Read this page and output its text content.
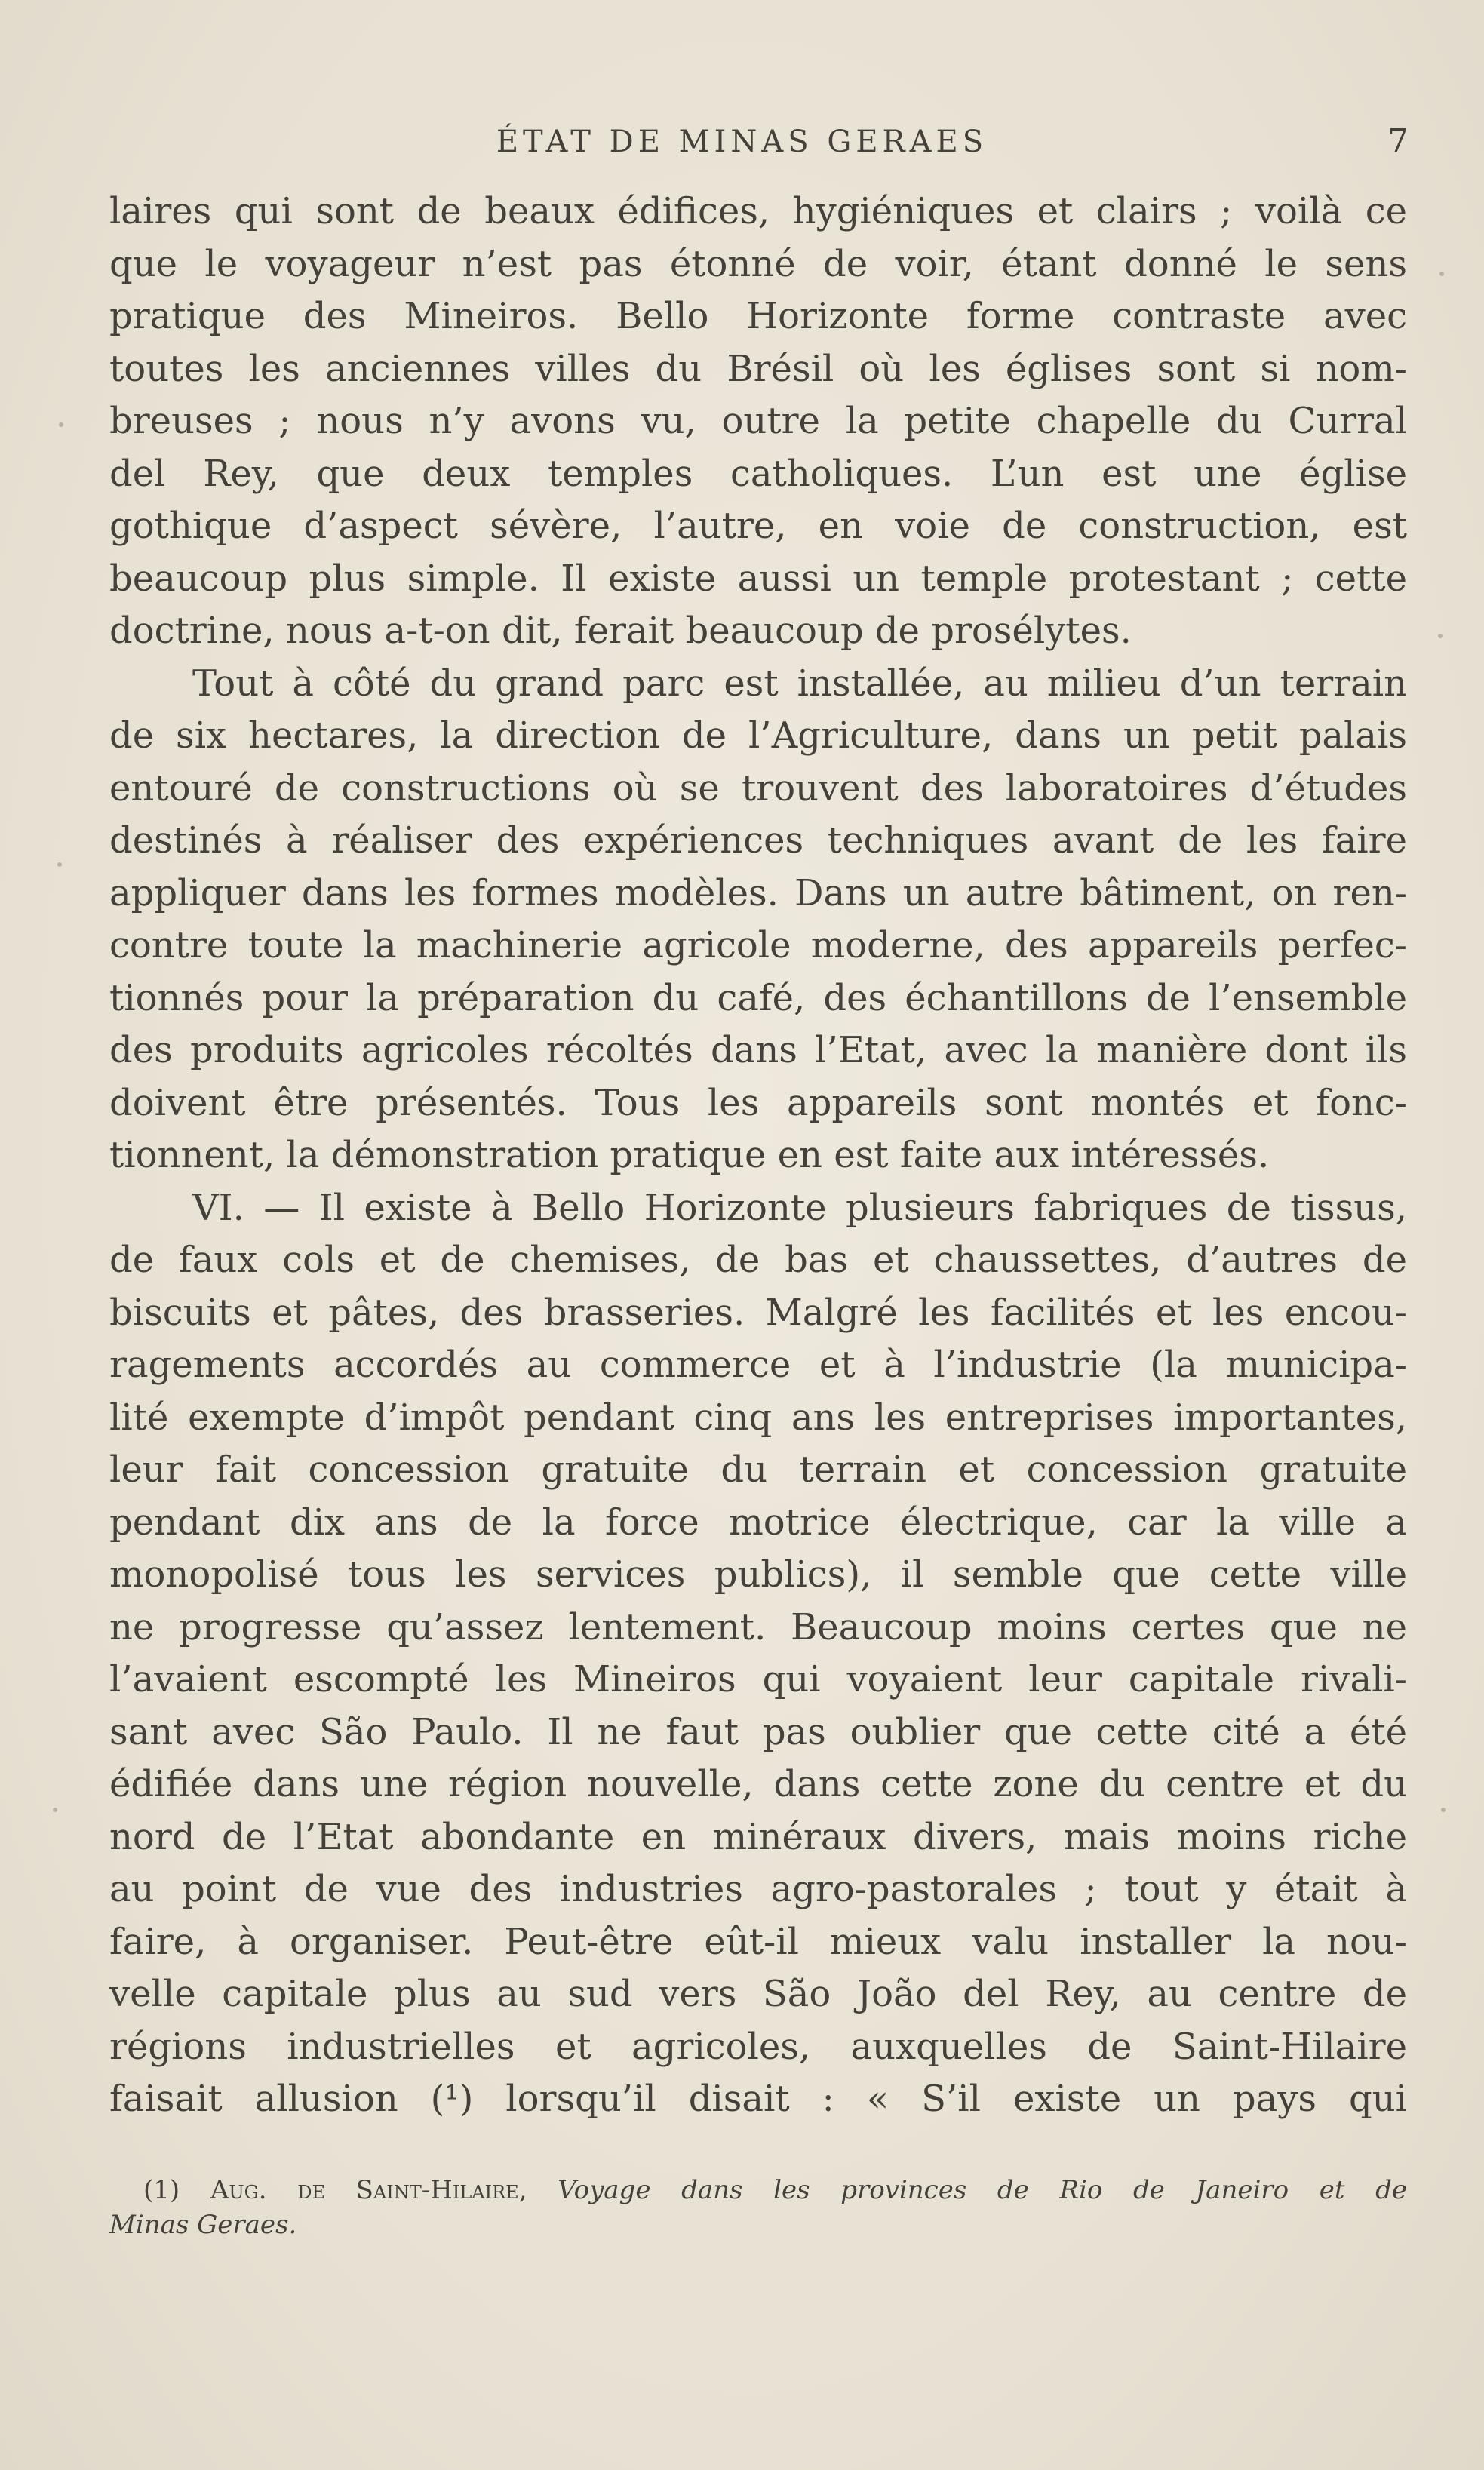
ÉTAT DE MINAS GERAES	7
laires qui sont de beaux édifices, hygiéniques et clairs ; voilà ce
que le voyageur n’est pas étonné de voir, étant donné le sens
pratique des Mineiros. Bello Horizonte forme contraste avec
toutes les anciennes villes du Brésil où les églises sont si nom-
breuses ; nous n’y avons vu, outre la petite chapelle du Curral
del Rey, que deux temples catholiques. L’un est une église
gothique d’aspect sévère, l’autre, en voie de construction, est
beaucoup plus simple. Il existe aussi un temple protestant ; cette
doctrine, nous a-t-on dit, ferait beaucoup de prosélytes.
Tout à côté du grand parc est installée, au milieu d’un terrain
de six hectares, la direction de l’Agriculture, dans un petit palais
entouré de constructions où se trouvent des laboratoires d’études
destinés à réaliser des expériences techniques avant de les faire
appliquer dans les formes modèles. Dans un autre bâtiment, on ren-
contre toute la machinerie agricole moderne, des appareils perfec-
tionnés pour la préparation du café, des échantillons de l’ensemble
des produits agricoles récoltés dans l’Etat, avec la manière dont ils
doivent être présentés. Tous les appareils sont montés et fonc-
tionnent, la démonstration pratique en est faite aux intéressés.
VI. — Il existe à Bello Horizonte plusieurs fabriques de tissus,
de faux cols et de chemises, de bas et chaussettes, d’autres de
biscuits et pâtes, des brasseries. Malgré les facilités et les encou-
ragements accordés au commerce et à l’industrie (la municipa-
lité exempte d’impôt pendant cinq ans les entreprises importantes,
leur fait concession gratuite du terrain et concession gratuite
pendant dix ans de la force motrice électrique, car la ville a
monopolisé tous les services publics), il semble que cette ville
ne progresse qu’assez lentement. Beaucoup moins certes que ne
l’avaient escompté les Mineiros qui voyaient leur capitale rivali-
sant avec São Paulo. Il ne faut pas oublier que cette cité a été
édifiée dans une région nouvelle, dans cette zone du centre et du
nord de l’Etat abondante en minéraux divers, mais moins riche
au point de vue des industries agro-pastorales ; tout y était à
faire, à organiser. Peut-être eût-il mieux valu installer la nou-
velle capitale plus au sud vers São João del Rey, au centre de
régions industrielles et agricoles, auxquelles de Saint-Hilaire
faisait allusion (¹) lorsqu’il disait : « S’il existe un pays qui
(1) Aug. de Saint-Hilaire, Voyage dans les provinces de Rio de Janeiro et de
Minas Geraes.
